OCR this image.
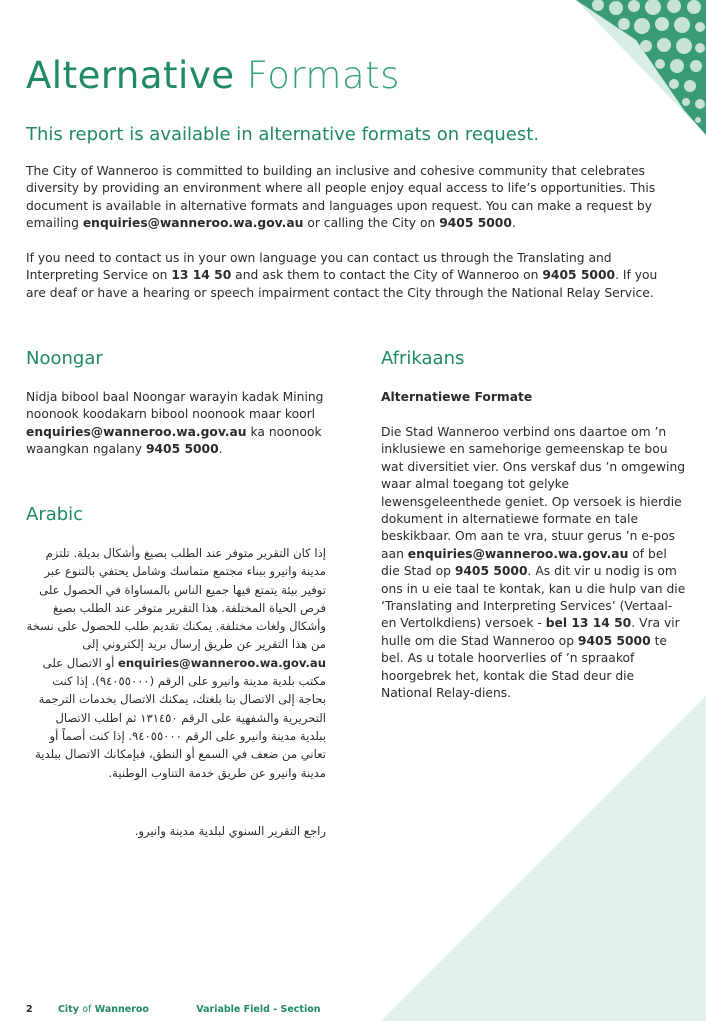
Alternative Formats
This report is available in alternative formats on request.

The City of Wanneroo is committed to building an inclusive and cohesive community that celebrates diversity by providing an environment where all people enjoy equal access to life’s opportunities. This document is available in alternative formats and languages upon request. You can make a request by emailing enquiries@wanneroo.wa.gov.au or calling the City on 9405 5000.

If you need to contact us in your own language you can contact us through the Translating and Interpreting Service on 13 14 50 and ask them to contact the City of Wanneroo on 9405 5000. If you are deaf or have a hearing or speech impairment contact the City through the National Relay Service.

Noongar

Nidja bibool baal Noongar warayin kadak Mining noonook koodakarn bibool noonook maar koorl enquiries@wanneroo.wa.gov.au ka noonook waangkan ngalany 9405 5000.

Arabic

إذا كان التقرير متوفر عند الطلب بصيغ وأشكال بديلة. تلتزم مدينة وانيرو ببناء مجتمع متماسك وشامل يحتفي بالتنوع عبر توفير بيئة يتمتع فيها جميع الناس بالمساواة في الحصول على فرص الحياة المختلفة. هذا التقرير متوفر عند الطلب بصيغ وأشكال ولغات مختلفة. يمكنك تقديم طلب للحصول على نسخة من هذا التقرير عن طريق إرسال بريد إلكتروني إلى enquiries@wanneroo.wa.gov.au أو الاتصال على مكتب بلدية مدينة وانيرو على الرقم (٩٤٠٥٥٠٠٠). إذا كنت بحاجة إلى الاتصال بنا بلغتك، يمكنك الاتصال بخدمات الترجمة التحريرية والشفهية على الرقم ١٣١٤٥٠ ثم اطلب الاتصال ببلدية مدينة وانيرو على الرقم ٩٤٠٥٥٠٠٠. إذا كنت أصماً أو تعاني من ضعف في السمع أو النطق، فبإمكانك الاتصال ببلدية مدينة وانيرو عن طريق خدمة التناوب الوطنية.

راجع التقرير السنوي لبلدية مدينة وانيرو.

Afrikaans

Alternatiewe Formate

Die Stad Wanneroo verbind ons daartoe om ’n inklusiewe en samehorige gemeenskap te bou wat diversitiet vier. Ons verskaf dus ’n omgewing waar almal toegang tot gelyke lewensgeleenthede geniet. Op versoek is hierdie dokument in alternatiewe formate en tale beskikbaar. Om aan te vra, stuur gerus ’n e-pos aan enquiries@wanneroo.wa.gov.au of bel die Stad op 9405 5000. As dit vir u nodig is om ons in u eie taal te kontak, kan u die hulp van die ‘Translating and Interpreting Services’ (Vertaal- en Vertolkdiens) versoek - bel 13 14 50. Vra vir hulle om die Stad Wanneroo op 9405 5000 te bel. As u totale hoorverlies of ’n spraakof hoorgebrek het, kontak die Stad deur die National Relay-diens.

2	City of Wanneroo	Variable Field - Section
